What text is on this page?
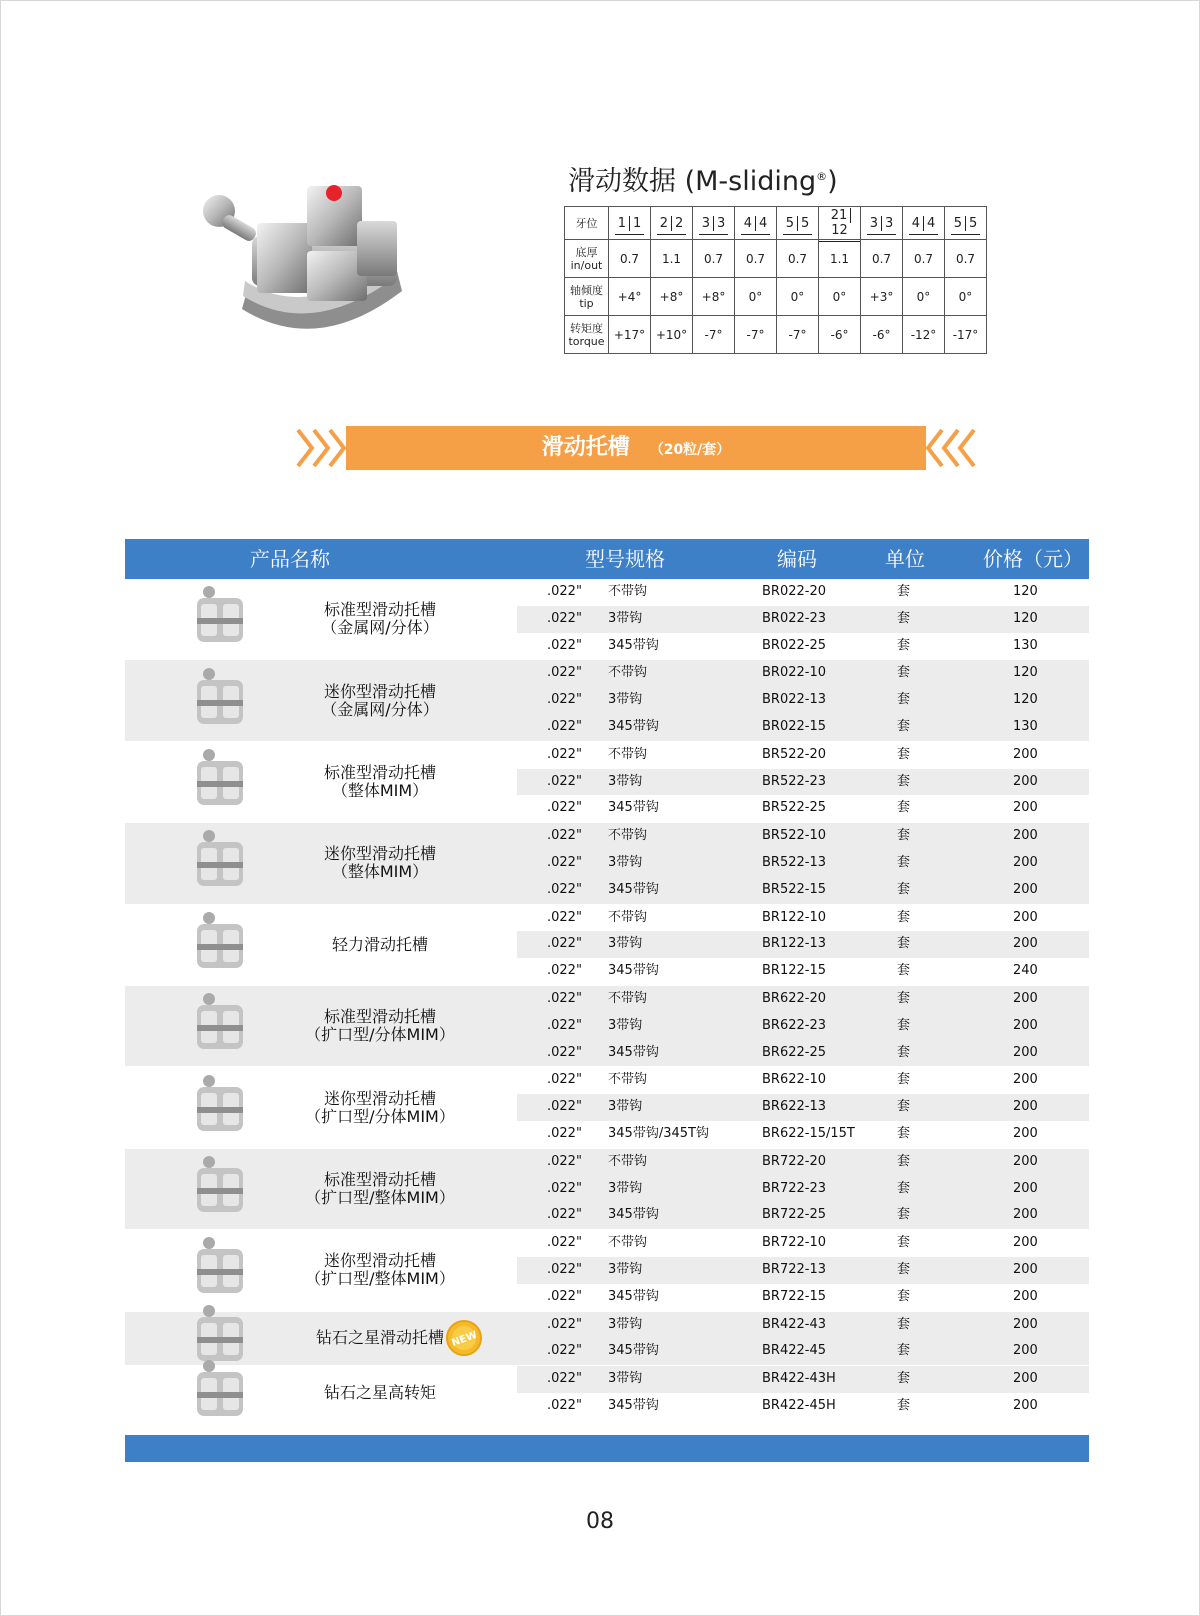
滑动数据 (M-sliding®)
牙位	1 1	2 2	3 3	4 4	5 5	2112	3 3	4 4	5 5
底厚
in/out	0.7	1.1	0.7	0.7	0.7	1.1	0.7	0.7	0.7
轴倾度
tip	+4°	+8°	+8°	0°	0°	0°	+3°	0°	0°
转矩度
torque	+17°	+10°	-7°	-7°	-7°	-6°	-6°	-12°	-17°
滑动托槽 （20粒/套）
产品名称	型号规格	编码	单位	价格（元）
标准型滑动托槽
（金属网/分体）
.022" 不带钩	BR022-20	套	120
.022" 3带钩	BR022-23	套	120
.022" 345带钩	BR022-25	套	130
迷你型滑动托槽
（金属网/分体）
.022" 不带钩	BR022-10	套	120
.022" 3带钩	BR022-13	套	120
.022" 345带钩	BR022-15	套	130
标准型滑动托槽
（整体MIM）
.022" 不带钩	BR522-20	套	200
.022" 3带钩	BR522-23	套	200
.022" 345带钩	BR522-25	套	200
迷你型滑动托槽
（整体MIM）
.022" 不带钩	BR522-10	套	200
.022" 3带钩	BR522-13	套	200
.022" 345带钩	BR522-15	套	200
轻力滑动托槽
.022" 不带钩	BR122-10	套	200
.022" 3带钩	BR122-13	套	200
.022" 345带钩	BR122-15	套	240
标准型滑动托槽
（扩口型/分体MIM）
.022" 不带钩	BR622-20	套	200
.022" 3带钩	BR622-23	套	200
.022" 345带钩	BR622-25	套	200
迷你型滑动托槽
（扩口型/分体MIM）
.022" 不带钩	BR622-10	套	200
.022" 3带钩	BR622-13	套	200
.022" 345带钩/345T钩	BR622-15/15T	套	200
标准型滑动托槽
（扩口型/整体MIM）
.022" 不带钩	BR722-20	套	200
.022" 3带钩	BR722-23	套	200
.022" 345带钩	BR722-25	套	200
迷你型滑动托槽
（扩口型/整体MIM）
.022" 不带钩	BR722-10	套	200
.022" 3带钩	BR722-13	套	200
.022" 345带钩	BR722-15	套	200
钻石之星滑动托槽 NEW
.022" 3带钩	BR422-43	套	200
.022" 345带钩	BR422-45	套	200
钻石之星高转矩
.022" 3带钩	BR422-43H	套	200
.022" 345带钩	BR422-45H	套	200
08
